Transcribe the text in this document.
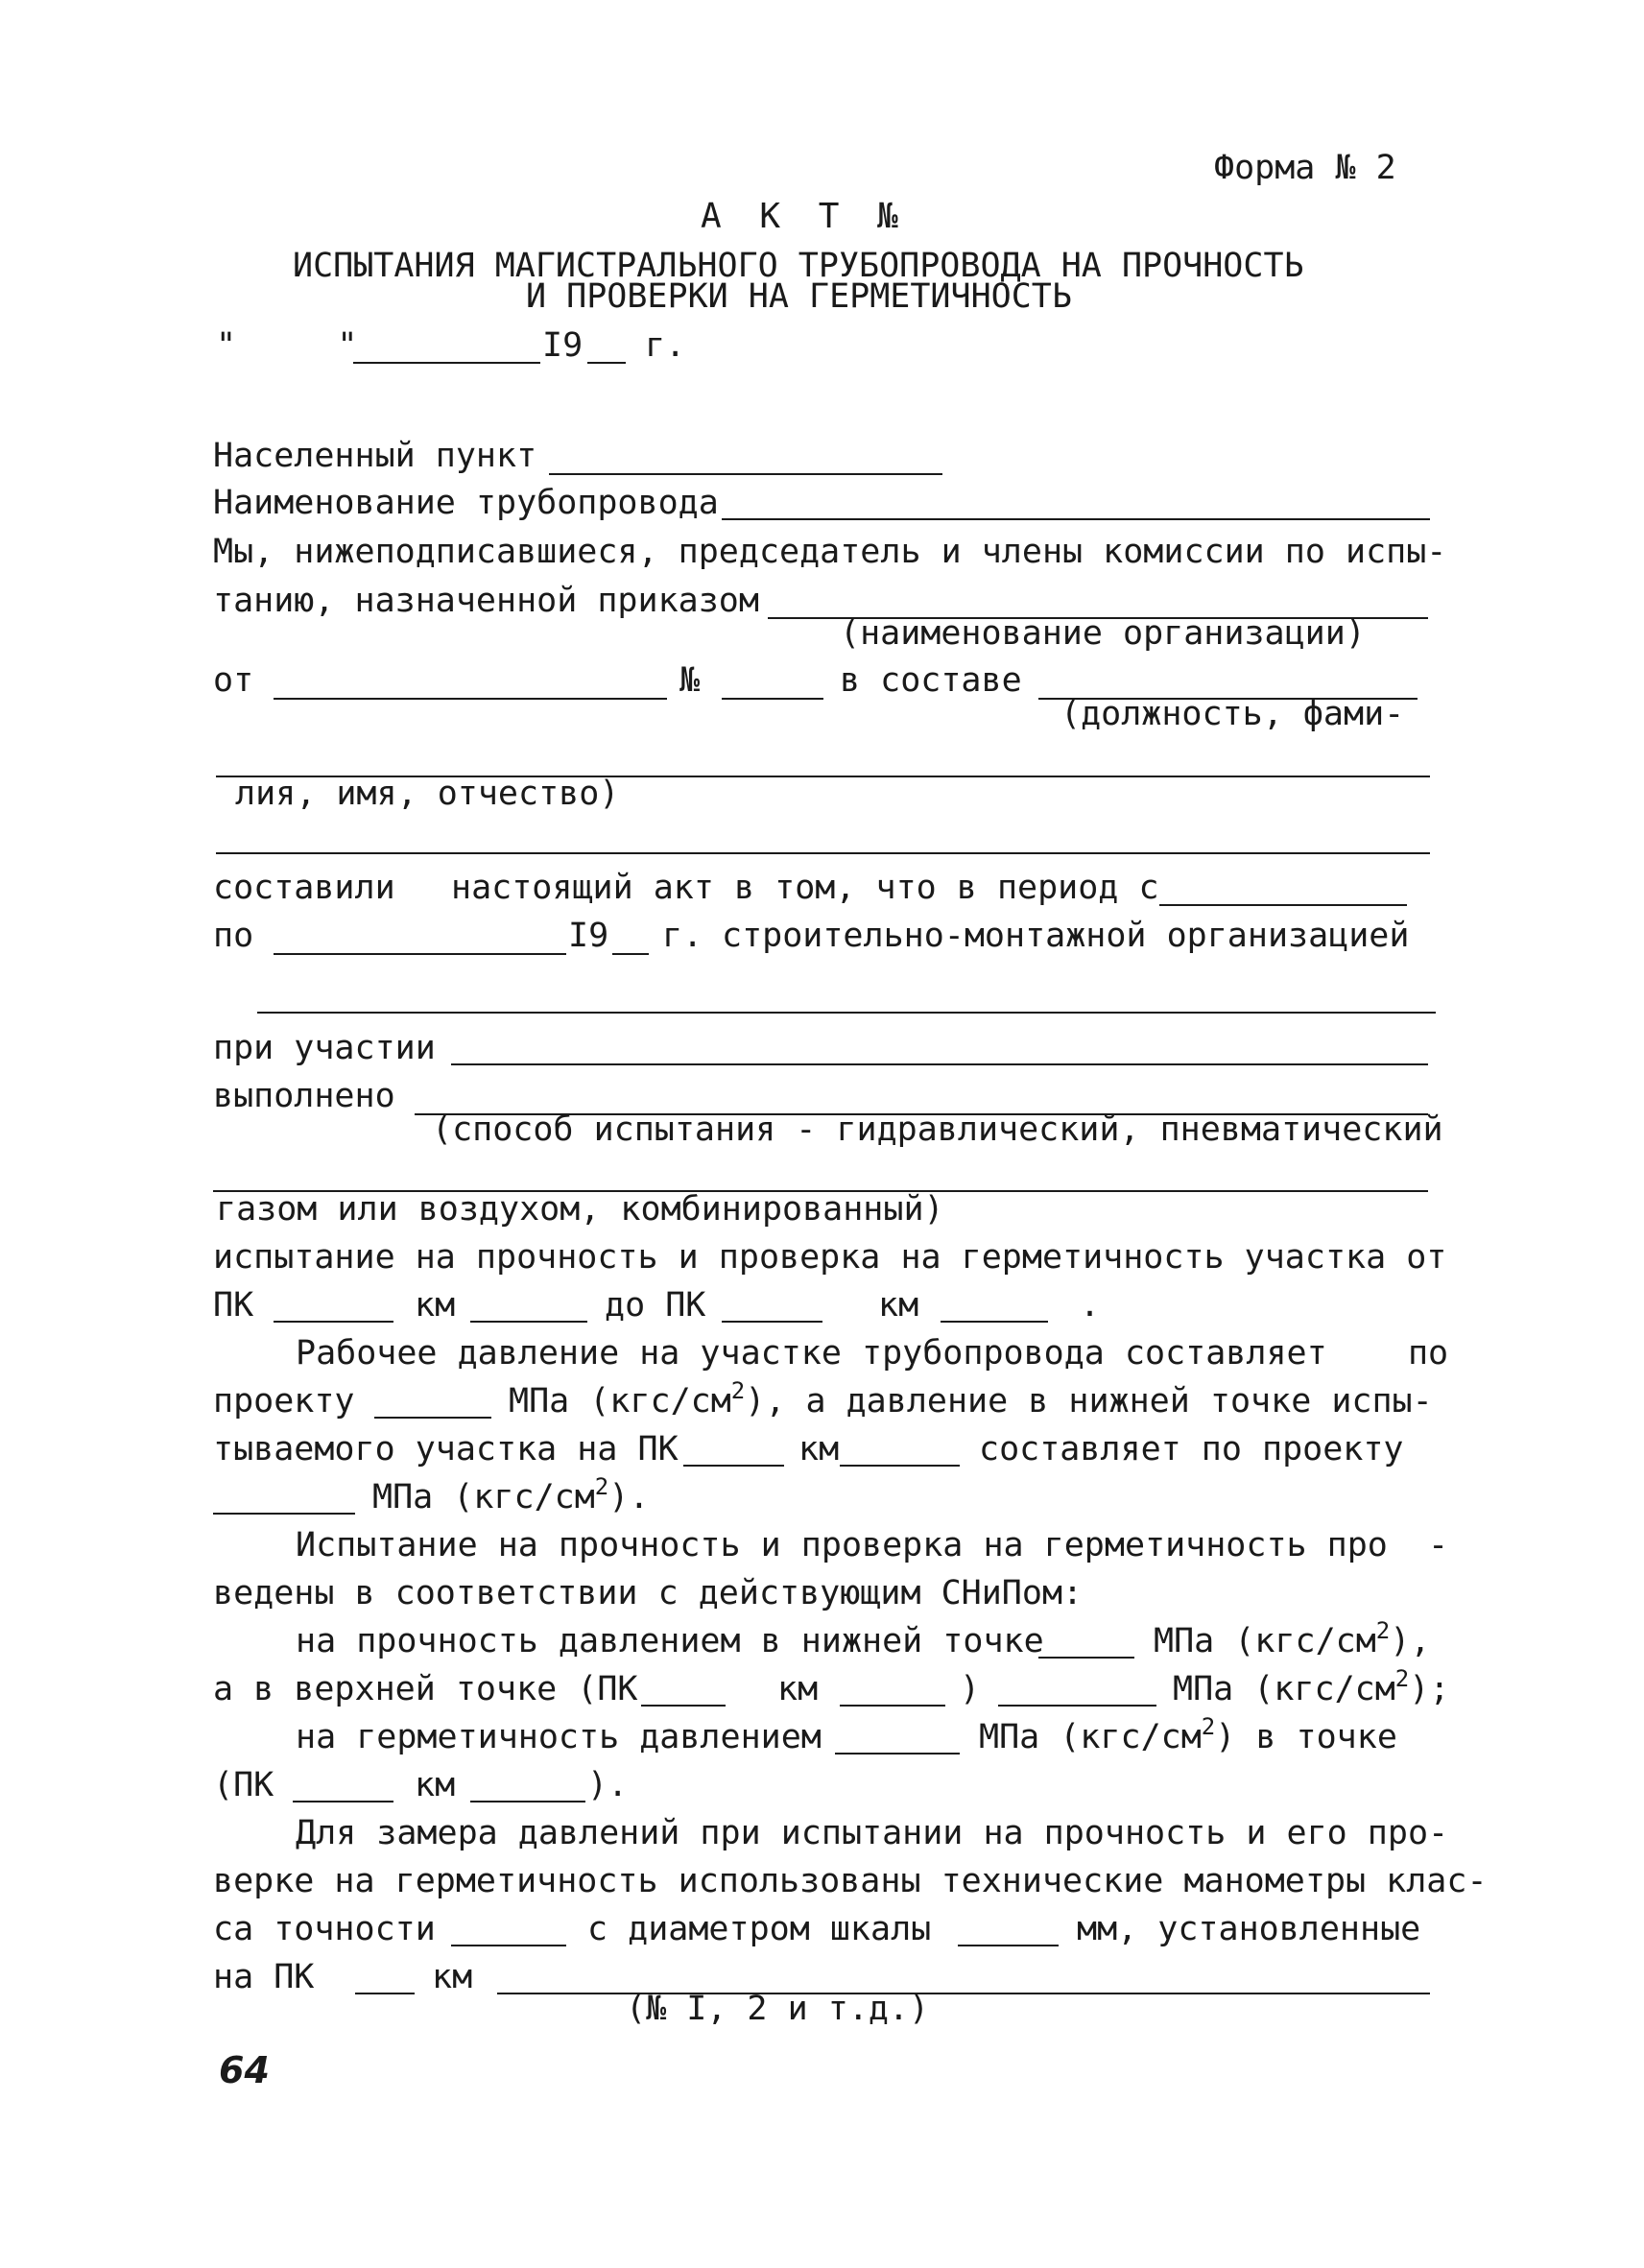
Форма № 2
А К Т №
ИСПЫТАНИЯ МАГИСТРАЛЬНОГО ТРУБОПРОВОДА НА ПРОЧНОСТЬ
И ПРОВЕРКИ НА ГЕРМЕТИЧНОСТЬ
"     "	I9 г.
Населенный пункт
Наименование трубопровода
Мы, нижеподписавшиеся, председатель и члены комиссии по испы-
танию, назначенной приказом
(наименование организации)
от	№	в составе
(должность, фами-
лия, имя, отчество)
составили настоящий акт в том, что в период с
по	I9 г. строительно-монтажной организацией
при участии
выполнено
(способ испытания - гидравлический, пневматический
газом или воздухом, комбинированный)
испытание на прочность и проверка на герметичность участка от
ПК	км	до ПК	км	.
Рабочее давление на участке трубопровода составляет    по
проекту	МПа $(кгс/см^2)$, а давление в нижней точке испы-
тываемого участка на ПК	км	составляет по проекту
МПа $(кгс/см^2)$.
Испытание на прочность и проверка на герметичность про  -
ведены в соответствии с действующим СНиПом:
на прочность давлением в нижней точке	МПа $(кгс/см^2)$,
а в верхней точке (ПК	км	)	МПа $(кгс/см^2)$;
на герметичность давлением	МПа $(кгс/см^2)$ в точке
(ПК	км	).
Для замера давлений при испытании на прочность и его про-
верке на герметичность использованы технические манометры клас-
са точности	с диаметром шкалы	мм, установленные
на ПК	км
(№ I, 2 и т.д.)
64
